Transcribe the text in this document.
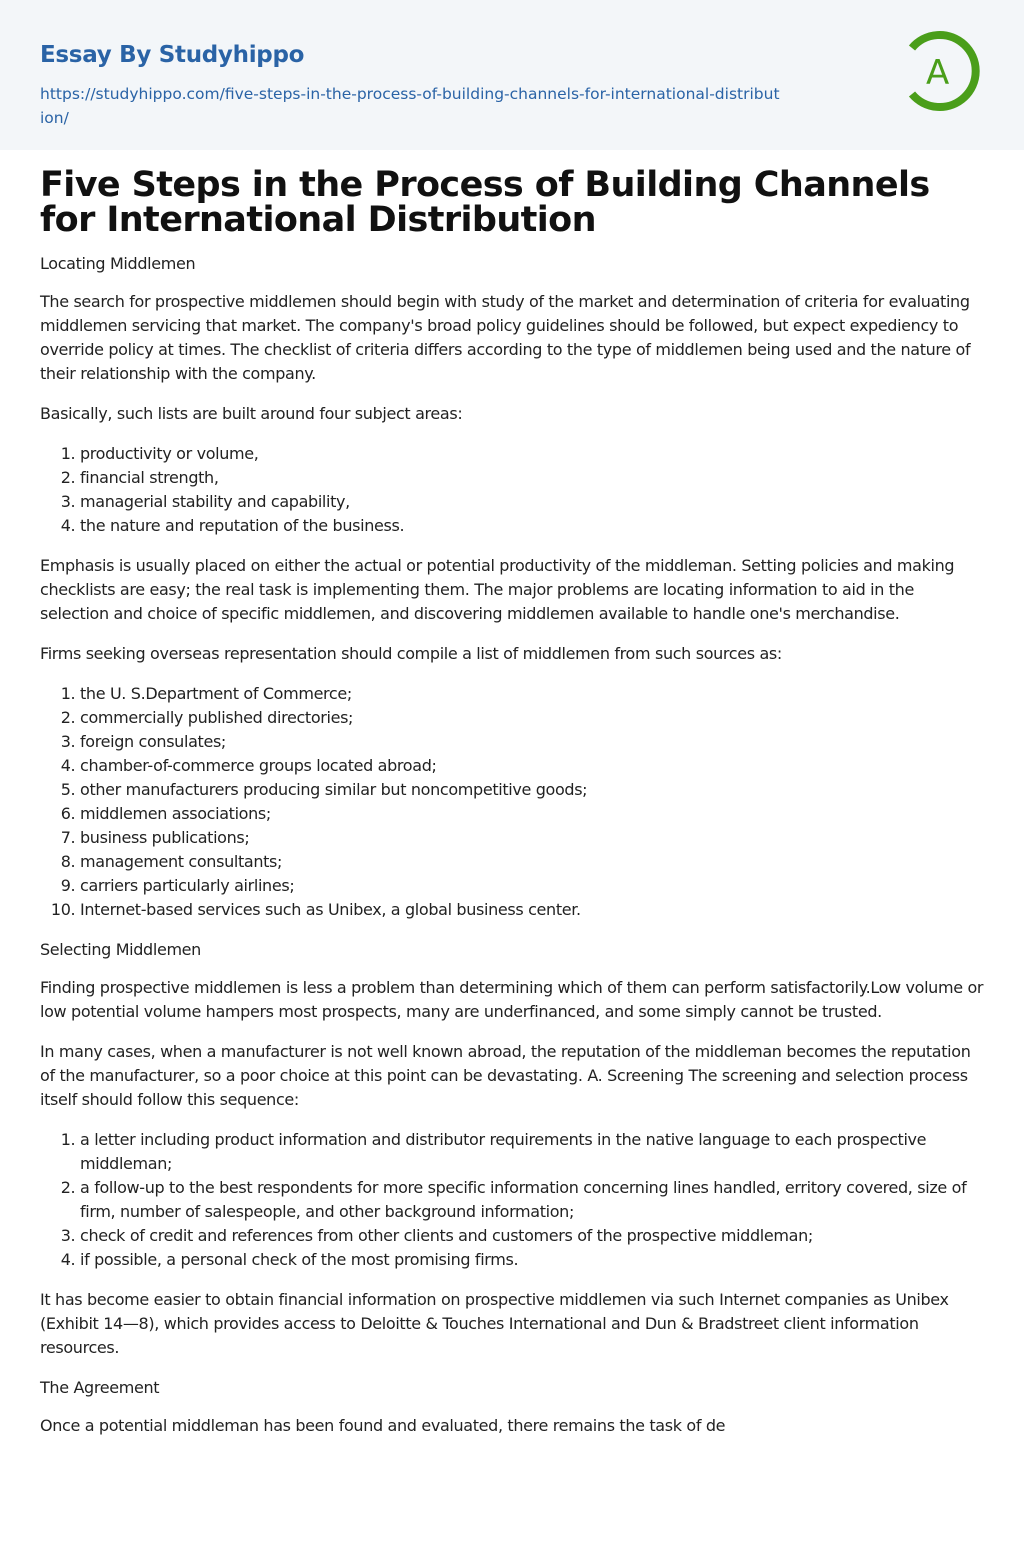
Essay By Studyhippo
https://studyhippo.com/five-steps-in-the-process-of-building-channels-for-international-distribution/
A
Five Steps in the Process of Building Channels for International Distribution

Locating Middlemen

The search for prospective middlemen should begin with study of the market and determination of criteria for evaluating middlemen servicing that market. The company's broad policy guidelines should be followed, but expect expediency to override policy at times. The checklist of criteria differs according to the type of middlemen being used and the nature of their relationship with the company.

Basically, such lists are built around four subject areas:

1. productivity or volume,
2. financial strength,
3. managerial stability and capability,
4. the nature and reputation of the business.

Emphasis is usually placed on either the actual or potential productivity of the middleman. Setting policies and making checklists are easy; the real task is implementing them. The major problems are locating information to aid in the selection and choice of specific middlemen, and discovering middlemen available to handle one's merchandise.

Firms seeking overseas representation should compile a list of middlemen from such sources as:

1. the U. S.Department of Commerce;
2. commercially published directories;
3. foreign consulates;
4. chamber-of-commerce groups located abroad;
5. other manufacturers producing similar but noncompetitive goods;
6. middlemen associations;
7. business publications;
8. management consultants;
9. carriers particularly airlines;
10. Internet-based services such as Unibex, a global business center.

Selecting Middlemen

Finding prospective middlemen is less a problem than determining which of them can perform satisfactorily.Low volume or low potential volume hampers most prospects, many are underfinanced, and some simply cannot be trusted.

In many cases, when a manufacturer is not well known abroad, the reputation of the middleman becomes the reputation of the manufacturer, so a poor choice at this point can be devastating. A. Screening The screening and selection process itself should follow this sequence:

1. a letter including product information and distributor requirements in the native language to each prospective middleman;
2. a follow-up to the best respondents for more specific information concerning lines handled, erritory covered, size of firm, number of salespeople, and other background information;
3. check of credit and references from other clients and customers of the prospective middleman;
4. if possible, a personal check of the most promising firms.

It has become easier to obtain financial information on prospective middlemen via such Internet companies as Unibex (Exhibit 14—8), which provides access to Deloitte & Touches International and Dun & Bradstreet client information resources.

The Agreement

Once a potential middleman has been found and evaluated, there remains the task of de
